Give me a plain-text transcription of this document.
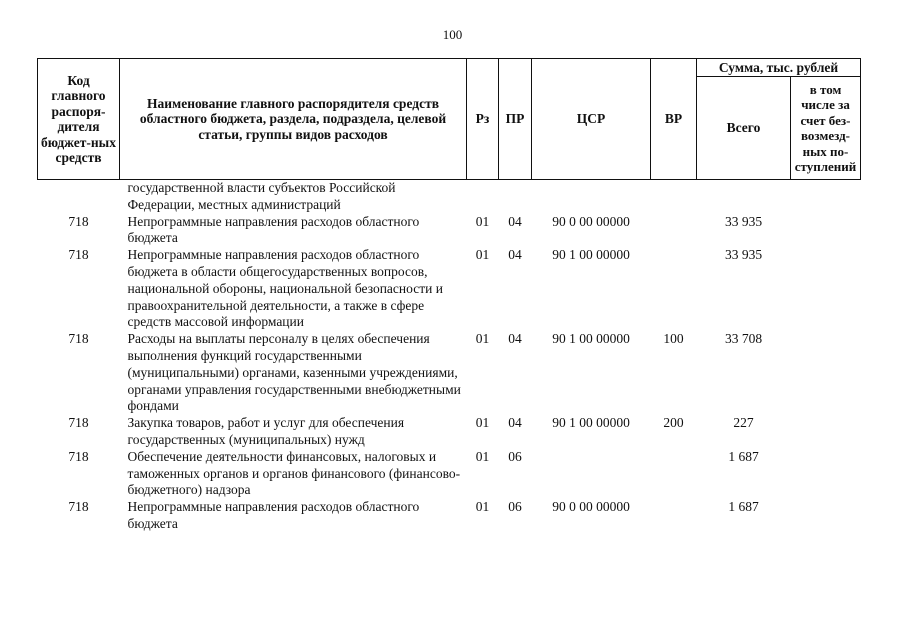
100
Код главного распоря-дителя бюджет-ных средств	Наименование главного распорядителя средств областного бюджета, раздела, подраздела, целевой статьи, группы видов расходов	Рз	ПР	ЦСР	ВР	Сумма, тыс. рублей	
						Всего	в том числе за счет без-возмезд-ных по-ступлений
	государственной власти субъектов Российской Федерации, местных администраций						
718	Непрограммные направления расходов областного бюджета	01	04	90 0 00 00000		33 935	
718	Непрограммные направления расходов областного бюджета в области общегосударственных вопросов, национальной обороны, национальной безопасности и правоохранительной деятельности, а также в сфере средств массовой информации	01	04	90 1 00 00000		33 935	
718	Расходы на выплаты персоналу в целях обеспечения выполнения функций государственными (муниципальными) органами, казенными учреждениями, органами управления государственными внебюджетными фондами	01	04	90 1 00 00000	100	33 708	
718	Закупка товаров, работ и услуг для обеспечения государственных (муниципальных) нужд	01	04	90 1 00 00000	200	227	
718	Обеспечение деятельности финансовых, налоговых и таможенных органов и органов финансового (финансово-бюджетного) надзора	01	06			1 687	
718	Непрограммные направления расходов областного бюджета	01	06	90 0 00 00000		1 687	
